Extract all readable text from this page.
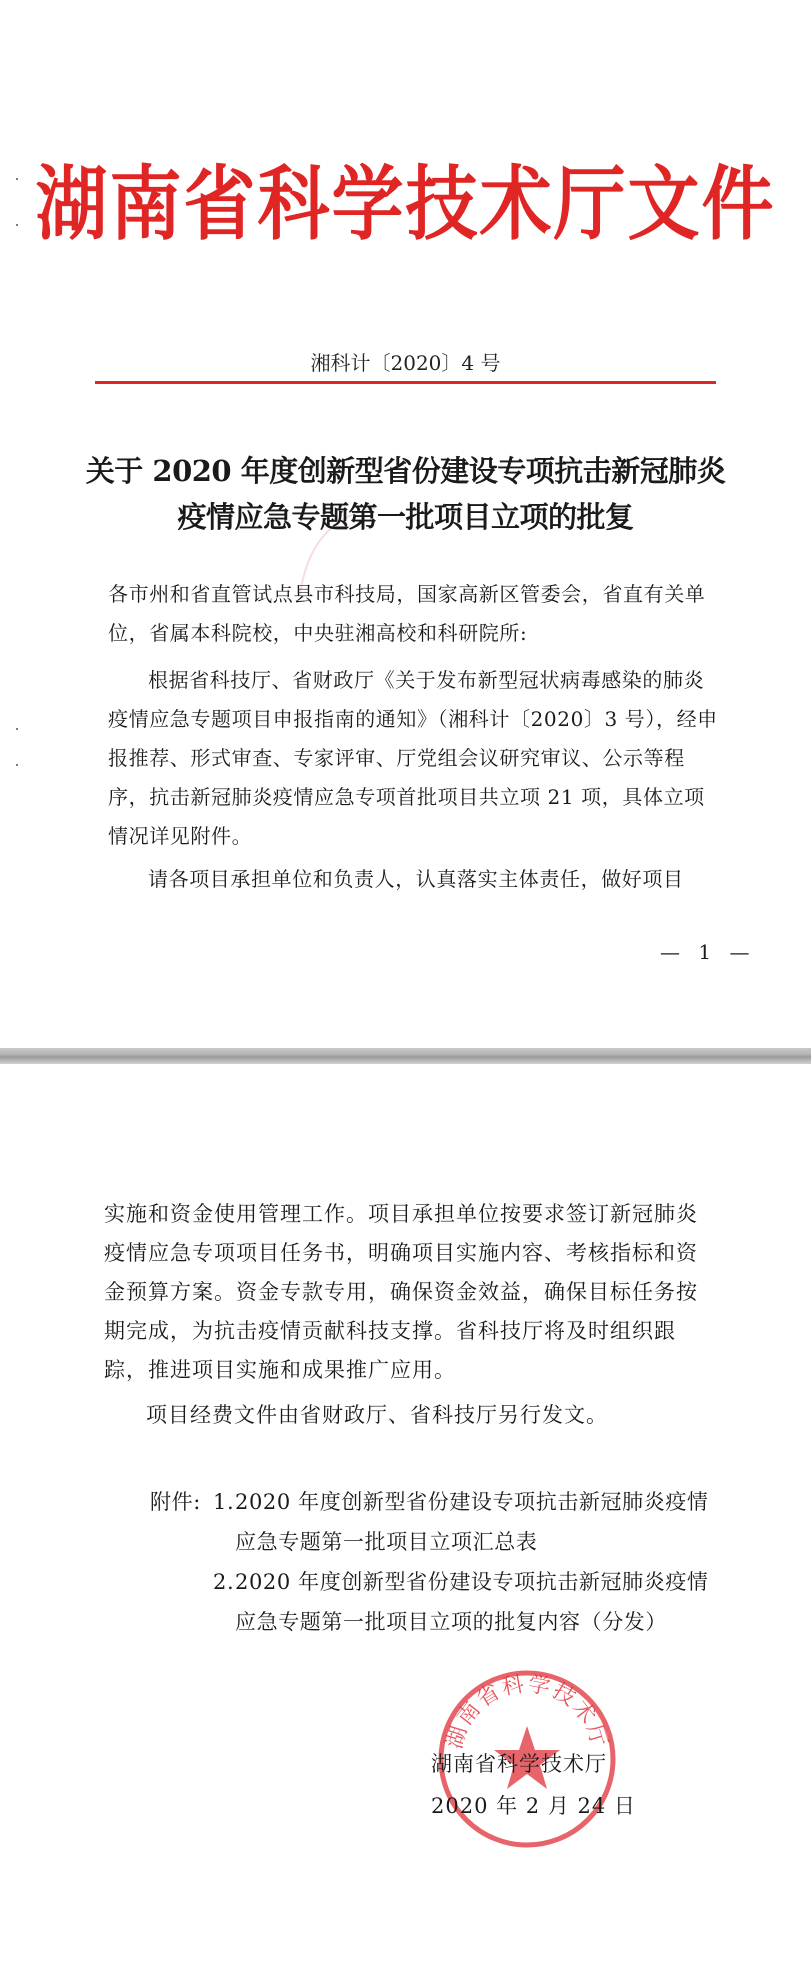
湖南省科学技术厅文件
湘科计〔2020〕4 号
关于 2020 年度创新型省份建设专项抗击新冠肺炎
疫情应急专题第一批项目立项的批复

各市州和省直管试点县市科技局，国家高新区管委会，省直有关单位，省属本科院校，中央驻湘高校和科研院所:

根据省科技厅、省财政厅《关于发布新型冠状病毒感染的肺炎疫情应急专题项目申报指南的通知》（湘科计〔2020〕3 号），经申报推荐、形式审查、专家评审、厅党组会议研究审议、公示等程序，抗击新冠肺炎疫情应急专项首批项目共立项 21 项，具体立项情况详见附件。

请各项目承担单位和负责人，认真落实主体责任，做好项目

— 1 —

实施和资金使用管理工作。项目承担单位按要求签订新冠肺炎疫情应急专项项目任务书，明确项目实施内容、考核指标和资金预算方案。资金专款专用，确保资金效益，确保目标任务按期完成，为抗击疫情贡献科技支撑。省科技厅将及时组织跟踪，推进项目实施和成果推广应用。

项目经费文件由省财政厅、省科技厅另行发文。

附件: 1. 2020 年度创新型省份建设专项抗击新冠肺炎疫情应急专题第一批项目立项汇总表
2. 2020 年度创新型省份建设专项抗击新冠肺炎疫情应急专题第一批项目立项的批复内容（分发）
湖南省科学技术厅
湖南省科学技术厅
2020 年 2 月 24 日
